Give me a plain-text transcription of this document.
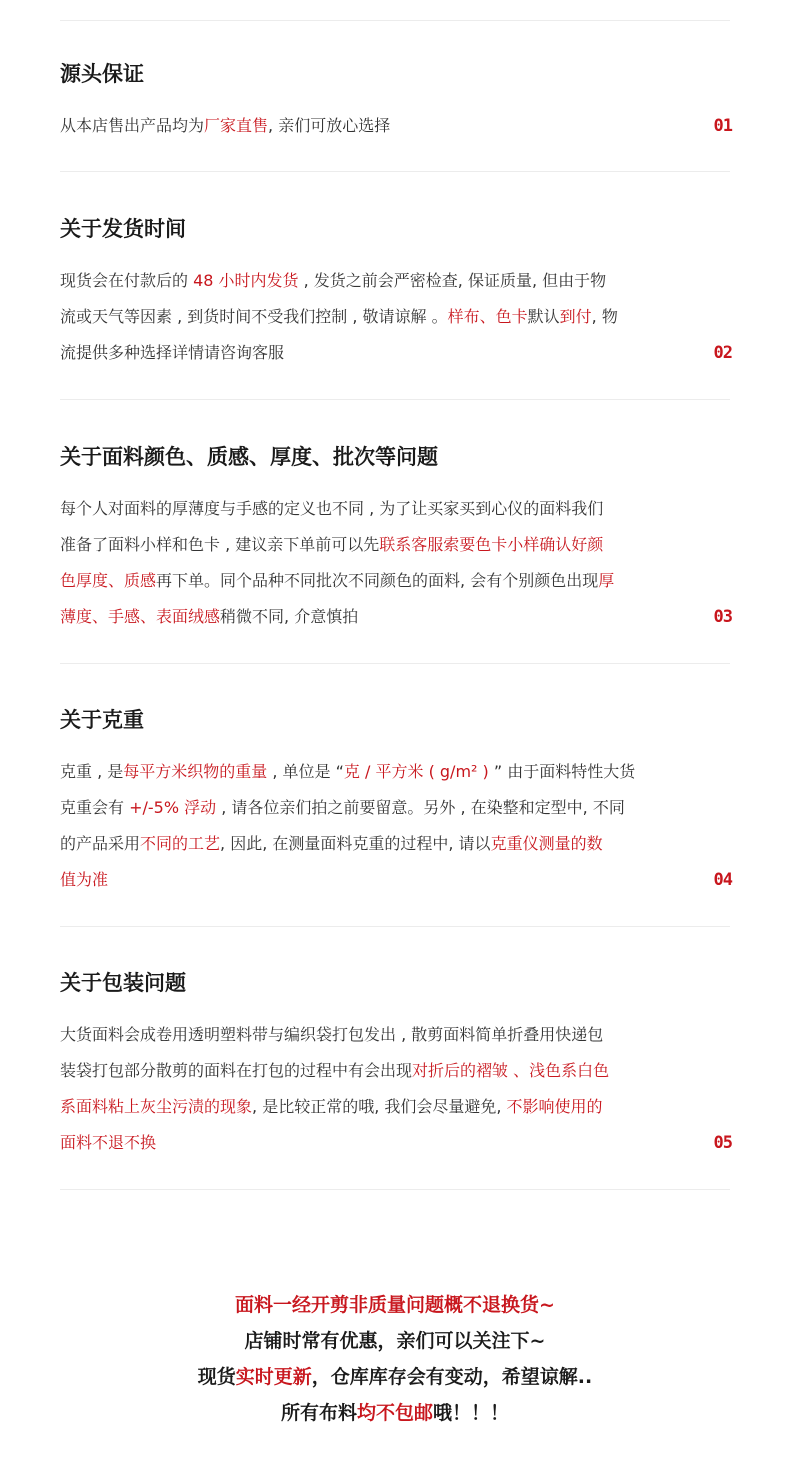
源头保证
从本店售出产品均为厂家直售, 亲们可放心选择	01
关于发货时间
现货会在付款后的 48 小时内发货 , 发货之前会严密检查, 保证质量, 但由于物
流或天气等因素 , 到货时间不受我们控制 , 敬请谅解 。样布、色卡默认到付, 物
流提供多种选择详情请咨询客服	02
关于面料颜色、质感、厚度、批次等问题
每个人对面料的厚薄度与手感的定义也不同 , 为了让买家买到心仪的面料我们
准备了面料小样和色卡 , 建议亲下单前可以先联系客服索要色卡小样确认好颜
色厚度、质感再下单。同个品种不同批次不同颜色的面料, 会有个别颜色出现厚
薄度、手感、表面绒感稍微不同, 介意慎拍	03
关于克重
克重 , 是每平方米织物的重量 , 单位是 “克 / 平方米 ( g/m² ) ” 由于面料特性大货
克重会有 +/-5% 浮动 , 请各位亲们拍之前要留意。另外 , 在染整和定型中, 不同
的产品采用不同的工艺, 因此, 在测量面料克重的过程中, 请以克重仪测量的数
值为准	04
关于包装问题
大货面料会成卷用透明塑料带与编织袋打包发出 , 散剪面料简单折叠用快递包
装袋打包部分散剪的面料在打包的过程中有会出现对折后的褶皱 、浅色系白色
系面料粘上灰尘污渍的现象, 是比较正常的哦, 我们会尽量避免, 不影响使用的
面料不退不换	05
面料一经开剪非质量问题概不退换货~
店铺时常有优惠，亲们可以关注下~
现货实时更新，仓库库存会有变动，希望谅解..
所有布料均不包邮哦！！！
